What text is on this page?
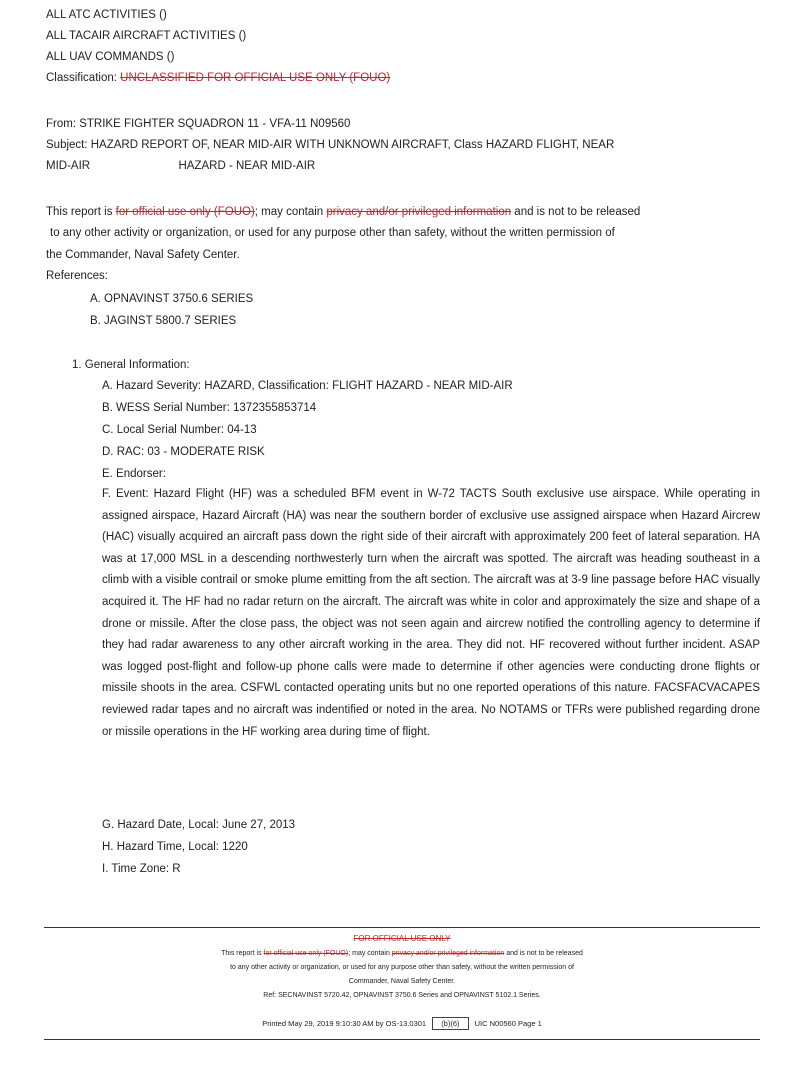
ALL ATC ACTIVITIES ()
ALL TACAIR AIRCRAFT ACTIVITIES ()
ALL UAV COMMANDS ()
Classification: UNCLASSIFIED FOR OFFICIAL USE ONLY (FOUO)
From: STRIKE FIGHTER SQUADRON 11 - VFA-11 N09560
Subject: HAZARD REPORT OF, NEAR MID-AIR WITH UNKNOWN AIRCRAFT, Class HAZARD FLIGHT, NEAR
MID-AIR	HAZARD - NEAR MID-AIR
This report is for official use only (FOUO); may contain privacy and/or privileged information and is not to be released
to any other activity or organization, or used for any purpose other than safety, without the written permission of
the Commander, Naval Safety Center.
References:
A. OPNAVINST 3750.6 SERIES
B. JAGINST 5800.7 SERIES
1. General Information:
A. Hazard Severity: HAZARD, Classification: FLIGHT HAZARD - NEAR MID-AIR
B. WESS Serial Number: 1372355853714
C. Local Serial Number: 04-13
D. RAC: 03 - MODERATE RISK
E. Endorser:
F. Event: Hazard Flight (HF) was a scheduled BFM event in W-72 TACTS South exclusive use airspace. While operating in assigned airspace, Hazard Aircraft (HA) was near the southern border of exclusive use assigned airspace when Hazard Aircrew (HAC) visually acquired an aircraft pass down the right side of their aircraft with approximately 200 feet of lateral separation. HA was at 17,000 MSL in a descending northwesterly turn when the aircraft was spotted. The aircraft was heading southeast in a climb with a visible contrail or smoke plume emitting from the aft section. The aircraft was at 3-9 line passage before HAC visually acquired it. The HF had no radar return on the aircraft. The aircraft was white in color and approximately the size and shape of a drone or missile. After the close pass, the object was not seen again and aircrew notified the controlling agency to determine if they had radar awareness to any other aircraft working in the area. They did not. HF recovered without further incident. ASAP was logged post-flight and follow-up phone calls were made to determine if other agencies were conducting drone flights or missile shoots in the area. CSFWL contacted operating units but no one reported operations of this nature. FACSFACVACAPES reviewed radar tapes and no aircraft was indentified or noted in the area. No NOTAMS or TFRs were published regarding drone or missile operations in the HF working area during time of flight.
G. Hazard Date, Local: June 27, 2013
H. Hazard Time, Local: 1220
I. Time Zone: R
FOR OFFICIAL USE ONLY
This report is for official use only (FOUO); may contain privacy and/or privileged information and is not to be released
to any other activity or organization, or used for any purpose other than safety, without the written permission of
Commander, Naval Safety Center.
Ref: SECNAVINST 5720.42, OPNAVINST 3750.6 Series and OPNAVINST 5102.1 Series.
Printed May 29, 2019 9:10:30 AM by OS-13.0301 (b)(6) UIC N00560 Page 1
